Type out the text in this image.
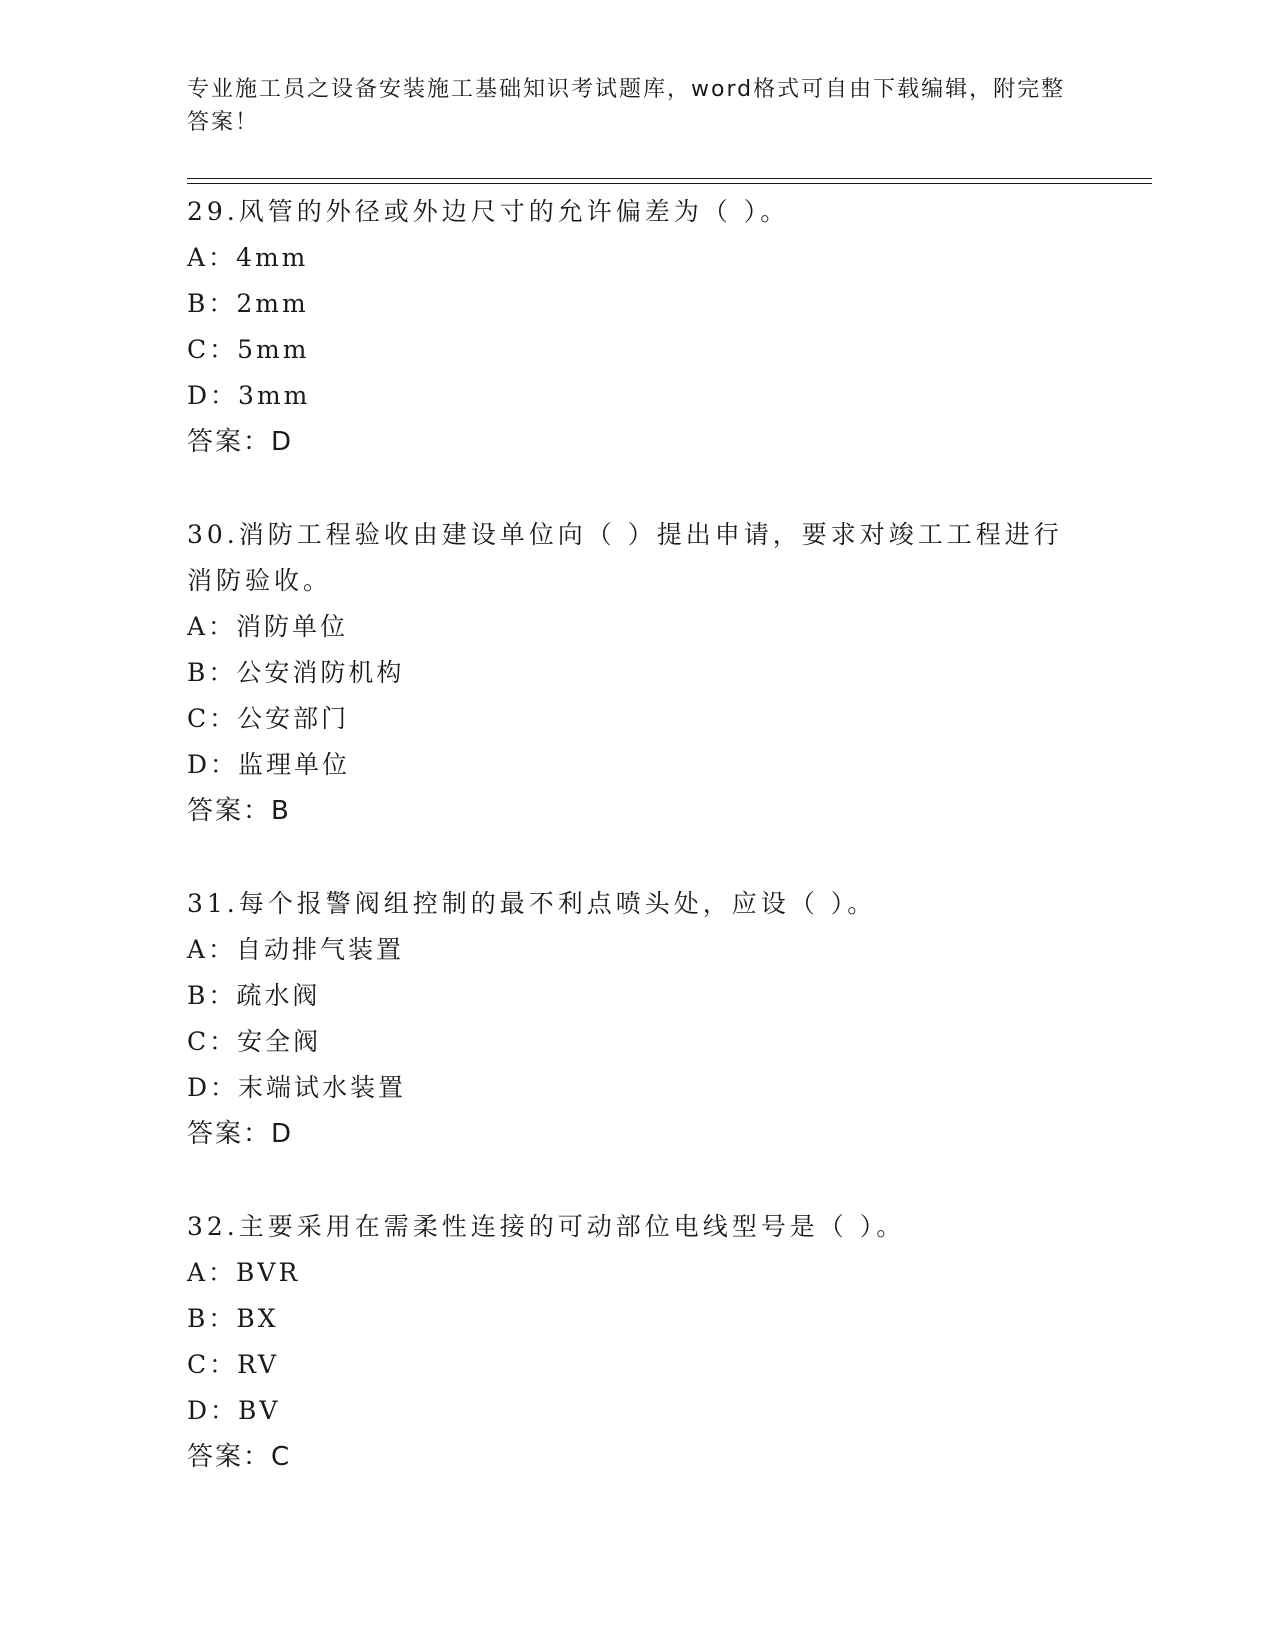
专业施工员之设备安装施工基础知识考试题库，word格式可自由下载编辑，附完整答案！

29.风管的外径或外边尺寸的允许偏差为（ ）。

A：4mm

B：2mm

C：5mm

D：3mm

答案：D

30.消防工程验收由建设单位向（ ）提出申请，要求对竣工工程进行消防验收。

A：消防单位

B：公安消防机构

C：公安部门

D：监理单位

答案：B

31.每个报警阀组控制的最不利点喷头处，应设（ ）。

A：自动排气装置

B：疏水阀

C：安全阀

D：末端试水装置

答案：D

32.主要采用在需柔性连接的可动部位电线型号是（ ）。

A：BVR

B：BX

C：RV

D：BV

答案：C
